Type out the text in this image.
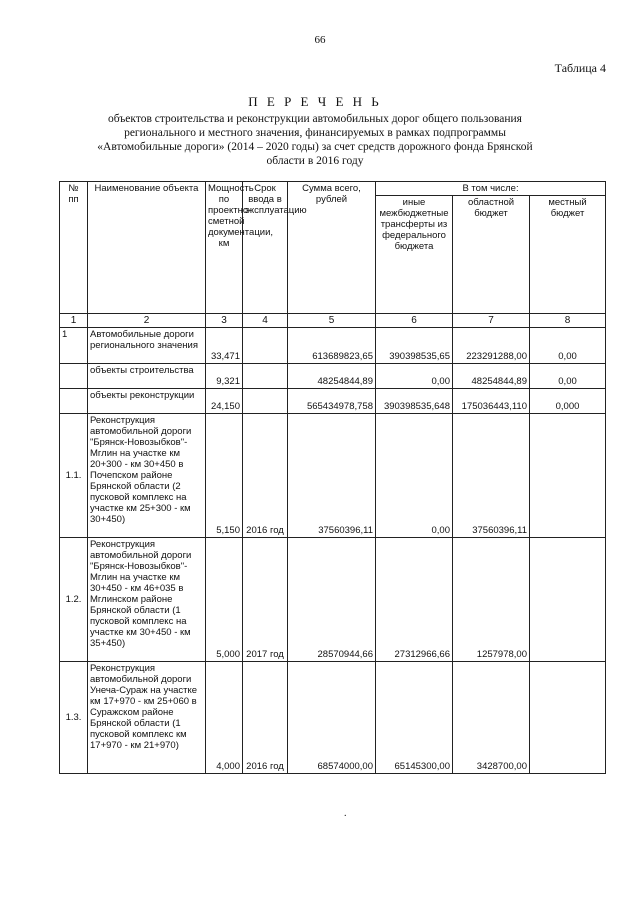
66
Таблица 4
П Е Р Е Ч Е Н Ь
объектов строительства и реконструкции автомобильных дорог общего пользования
регионального и местного значения, финансируемых в рамках подпрограммы
«Автомобильные дороги» (2014 – 2020 годы) за счет средств дорожного фонда Брянской
области в 2016 году
№ пп	Наименование объекта	Мощность по проектно-сметной документации, км	Срок ввода в эксплуатацию	Сумма всего, рублей	В том числе:		
					иные межбюджетные трансферты из федерального бюджета	областной бюджет	местный бюджет
1	2	3	4	5	6	7	8
1	Автомобильные дороги регионального значения	33,471		613689823,65	390398535,65	223291288,00	0,00
	объекты строительства	9,321		48254844,89	0,00	48254844,89	0,00
	объекты реконструкции	24,150		565434978,758	390398535,648	175036443,110	0,000
1.1.	Реконструкция автомобильной дороги "Брянск-Новозыбков"-Мглин на участке км 20+300 - км 30+450 в Почепском районе Брянской области (2 пусковой комплекс на участке км 25+300 - км 30+450)	5,150	2016 год	37560396,11	0,00	37560396,11	
1.2.	Реконструкция автомобильной дороги "Брянск-Новозыбков"-Мглин на участке км 30+450 - км 46+035 в Мглинском районе Брянской области (1 пусковой комплекс на участке км 30+450 - км 35+450)	5,000	2017 год	28570944,66	27312966,66	1257978,00	
1.3.	Реконструкция автомобильной дороги Унеча-Сураж на участке км 17+970 - км 25+060 в Суражском районе Брянской области (1 пусковой комплекс км 17+970 - км 21+970)	4,000	2016 год	68574000,00	65145300,00	3428700,00	
.
